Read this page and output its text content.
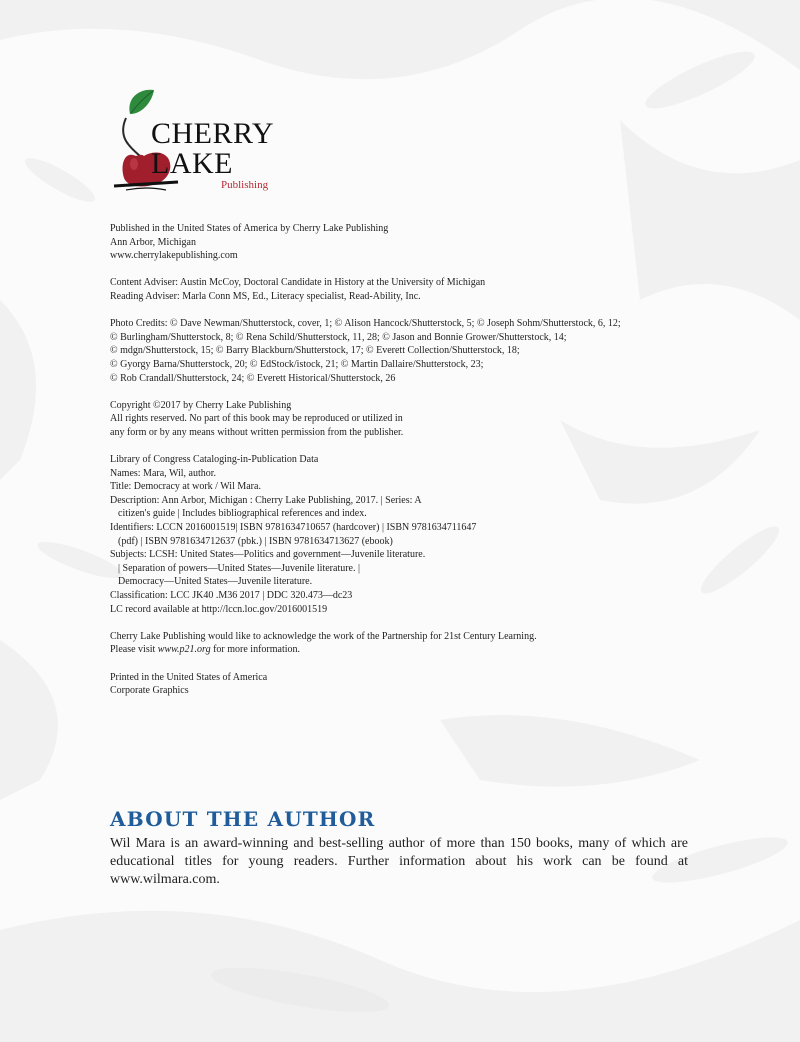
CHERRY
LAKE
Publishing
Published in the United States of America by Cherry Lake Publishing
Ann Arbor, Michigan
www.cherrylakepublishing.com
Content Adviser: Austin McCoy, Doctoral Candidate in History at the University of Michigan
Reading Adviser: Marla Conn MS, Ed., Literacy specialist, Read-Ability, Inc.
Photo Credits: © Dave Newman/Shutterstock, cover, 1; © Alison Hancock/Shutterstock, 5; © Joseph Sohm/Shutterstock, 6, 12;
© Burlingham/Shutterstock, 8; © Rena Schild/Shutterstock, 11, 28; © Jason and Bonnie Grower/Shutterstock, 14;
© mdgn/Shutterstock, 15; © Barry Blackburn/Shutterstock, 17; © Everett Collection/Shutterstock, 18;
© Gyorgy Barna/Shutterstock, 20; © EdStock/istock, 21; © Martin Dallaire/Shutterstock, 23;
© Rob Crandall/Shutterstock, 24; © Everett Historical/Shutterstock, 26
Copyright ©2017 by Cherry Lake Publishing
All rights reserved. No part of this book may be reproduced or utilized in
any form or by any means without written permission from the publisher.
Library of Congress Cataloging-in-Publication Data
Names: Mara, Wil, author.
Title: Democracy at work / Wil Mara.
Description: Ann Arbor, Michigan : Cherry Lake Publishing, 2017. | Series: A
citizen's guide | Includes bibliographical references and index.
Identifiers: LCCN 2016001519| ISBN 9781634710657 (hardcover) | ISBN 9781634711647
(pdf) | ISBN 9781634712637 (pbk.) | ISBN 9781634713627 (ebook)
Subjects: LCSH: United States—Politics and government—Juvenile literature.
| Separation of powers—United States—Juvenile literature. |
Democracy—United States—Juvenile literature.
Classification: LCC JK40 .M36 2017 | DDC 320.473—dc23
LC record available at http://lccn.loc.gov/2016001519
Cherry Lake Publishing would like to acknowledge the work of the Partnership for 21st Century Learning.
Please visit www.p21.org for more information.
Printed in the United States of America
Corporate Graphics
ABOUT THE AUTHOR

Wil Mara is an award-winning and best-selling author of more than 150 books, many of which are educational titles for young readers. Further information about his work can be found at www.wilmara.com.
